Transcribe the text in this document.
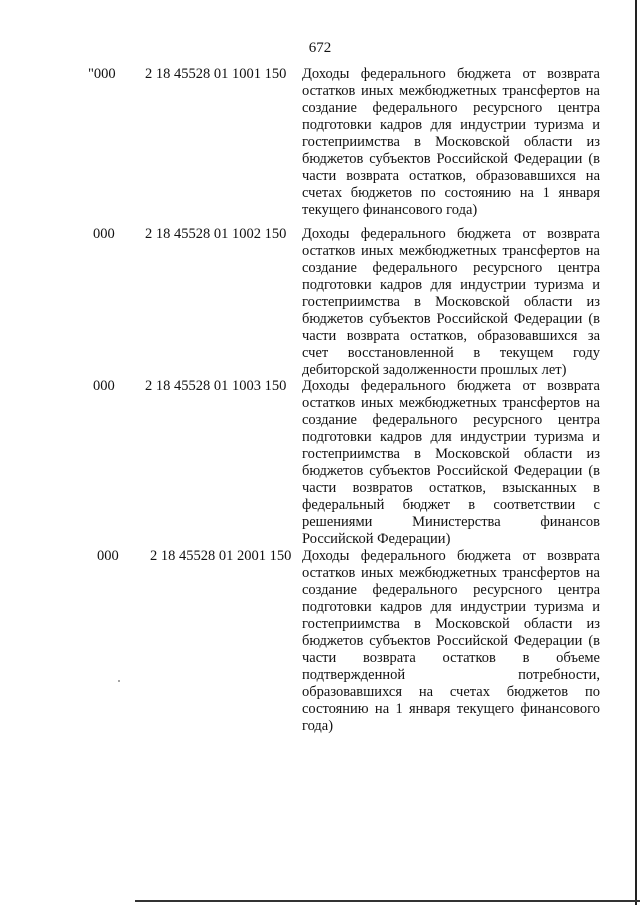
672
"000 2 18 45528 01 1001 150 Доходы федерального бюджета от возврата
остатков иных межбюджетных трансфертов на
создание федерального ресурсного центра
подготовки кадров для индустрии туризма и
гостеприимства в Московской области из
бюджетов субъектов Российской Федерации (в
части возврата остатков, образовавшихся на
счетах бюджетов по состоянию на 1 января
текущего финансового года)
000 2 18 45528 01 1002 150 Доходы федерального бюджета от возврата
остатков иных межбюджетных трансфертов на
создание федерального ресурсного центра
подготовки кадров для индустрии туризма и
гостеприимства в Московской области из
бюджетов субъектов Российской Федерации (в
части возврата остатков, образовавшихся за
счет восстановленной в текущем году
дебиторской задолженности прошлых лет)
000 2 18 45528 01 1003 150 Доходы федерального бюджета от возврата
остатков иных межбюджетных трансфертов на
создание федерального ресурсного центра
подготовки кадров для индустрии туризма и
гостеприимства в Московской области из
бюджетов субъектов Российской Федерации (в
части возвратов остатков, взысканных в
федеральный бюджет в соответствии с
решениями Министерства финансов
Российской Федерации)
000 2 18 45528 01 2001 150 Доходы федерального бюджета от возврата
остатков иных межбюджетных трансфертов на
создание федерального ресурсного центра
подготовки кадров для индустрии туризма и
гостеприимства в Московской области из
бюджетов субъектов Российской Федерации (в
части возврата остатков в объеме
подтвержденной потребности,
образовавшихся на счетах бюджетов по
состоянию на 1 января текущего финансового
года)
